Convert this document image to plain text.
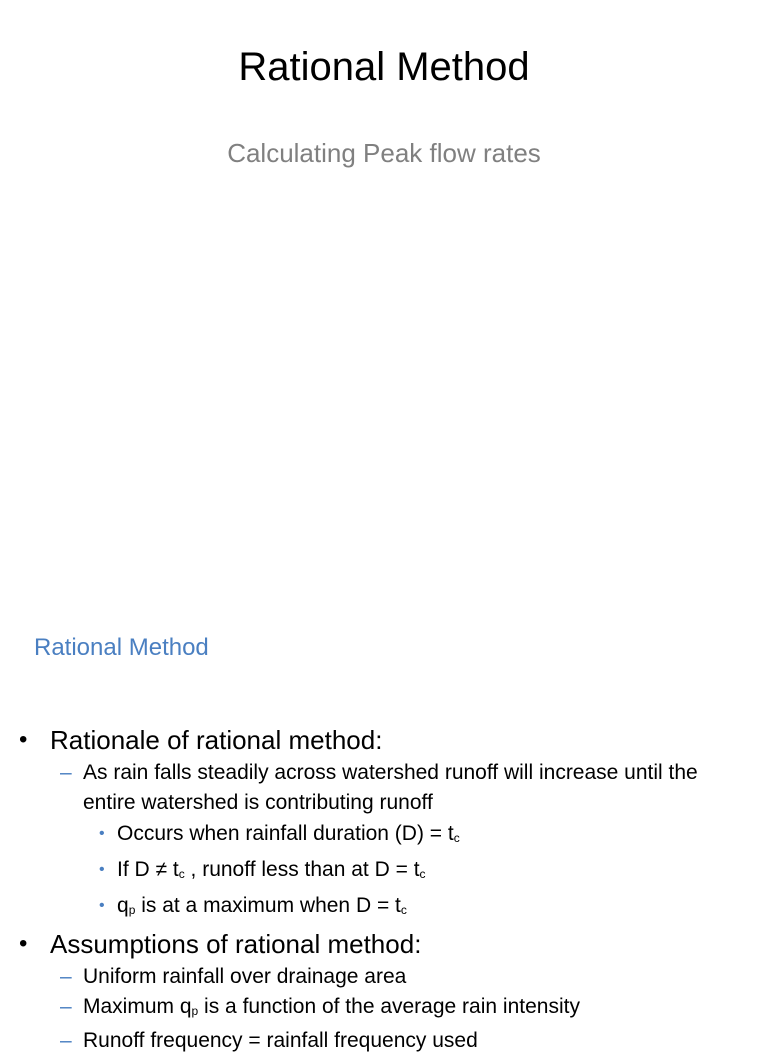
Rational Method
Calculating Peak flow rates
Rational Method
• Rationale of rational method:
– As rain falls steadily across watershed runoff will increase until the entire watershed is contributing runoff
• Occurs when rainfall duration (D) = tc
• If D ≠ tc , runoff less than at D = tc
• qp is at a maximum when D = tc
• Assumptions of rational method:
– Uniform rainfall over drainage area
– Maximum qp is a function of the average rain intensity
– Runoff frequency = rainfall frequency used
